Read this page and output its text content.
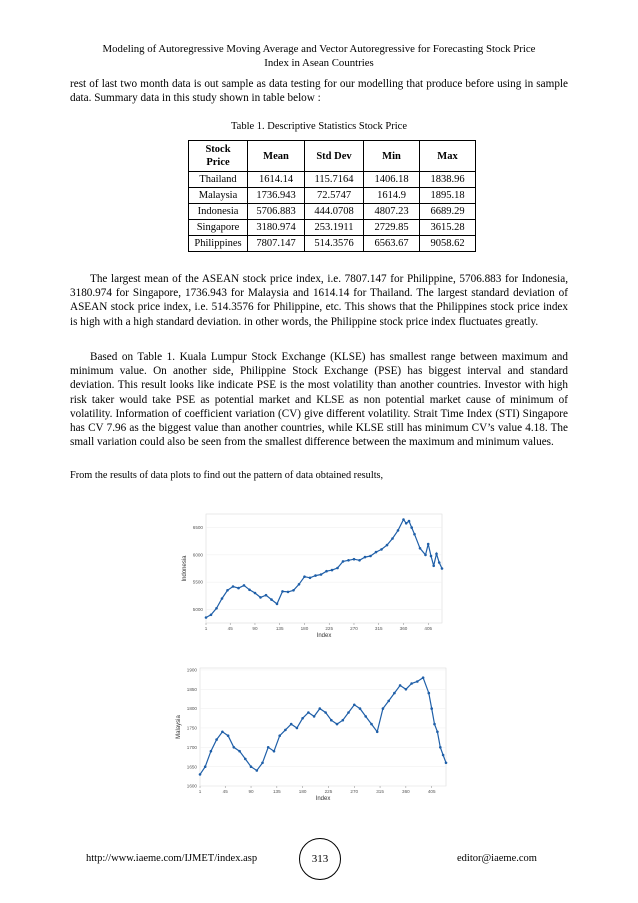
Modeling of Autoregressive Moving Average and Vector Autoregressive for Forecasting Stock Price
Index in Asean Countries

rest of last two month data is out sample as data testing for our modelling that produce before using in sample data. Summary data in this study shown in table below :

Table 1. Descriptive Statistics Stock Price
Stock Price	Mean	Std Dev	Min	Max
Thailand	1614.14	115.7164	1406.18	1838.96
Malaysia	1736.943	72.5747	1614.9	1895.18
Indonesia	5706.883	444.0708	4807.23	6689.29
Singapore	3180.974	253.1911	2729.85	3615.28
Philippines	7807.147	514.3576	6563.67	9058.62

The largest mean of the ASEAN stock price index, i.e. 7807.147 for Philippine, 5706.883 for Indonesia, 3180.974 for Singapore, 1736.943 for Malaysia and 1614.14 for Thailand. The largest standard deviation of ASEAN stock price index, i.e. 514.3576 for Philippine, etc. This shows that the Philippines stock price index is high with a high standard deviation. in other words, the Philippine stock price index fluctuates greatly.

Based on Table 1. Kuala Lumpur Stock Exchange (KLSE) has smallest range between maximum and minimum value. On another side, Philippine Stock Exchange (PSE) has biggest interval and standard deviation. This result looks like indicate PSE is the most volatility than another countries. Investor with high risk taker would take PSE as potential market and KLSE as non potential market cause of minimum of volatility. Information of coefficient variation (CV) give different volatility. Strait Time Index (STI) Singapore has CV 7.96 as the biggest value than another countries, while KLSE still has minimum CV’s value 4.18. The small variation could also be seen from the smallest difference between the maximum and minimum values.

From the results of data plots to find out the pattern of data obtained results,

5000
5500
6000
6500
1	45	90	135	180	225	270	315	360	405
Index
Indonesia
1600
1650
1700
1750
1800
1850
1900
1	45	90	135	180	225	270	315	360	405
Index
Malaysia
http://www.iaeme.com/IJMET/index.asp	313	editor@iaeme.com
